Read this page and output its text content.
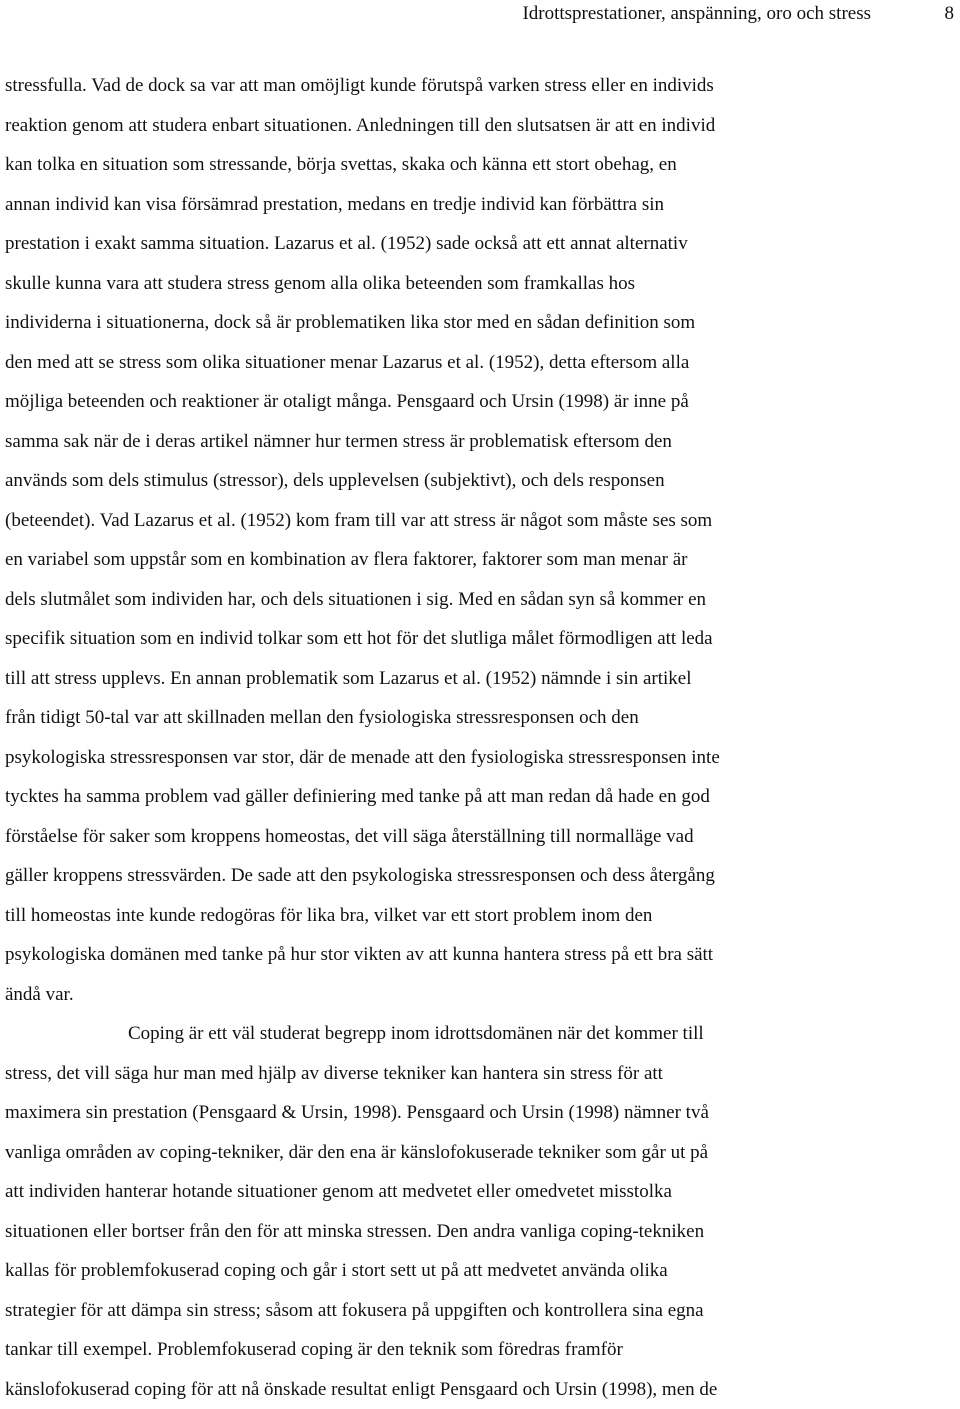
Idrottsprestationer, anspänning, oro och stress	8
stressfulla. Vad de dock sa var att man omöjligt kunde förutspå varken stress eller en individs
reaktion genom att studera enbart situationen. Anledningen till den slutsatsen är att en individ
kan tolka en situation som stressande, börja svettas, skaka och känna ett stort obehag, en
annan individ kan visa försämrad prestation, medans en tredje individ kan förbättra sin
prestation i exakt samma situation. Lazarus et al. (1952) sade också att ett annat alternativ
skulle kunna vara att studera stress genom alla olika beteenden som framkallas hos
individerna i situationerna, dock så är problematiken lika stor med en sådan definition som
den med att se stress som olika situationer menar Lazarus et al. (1952), detta eftersom alla
möjliga beteenden och reaktioner är otaligt många. Pensgaard och Ursin (1998) är inne på
samma sak när de i deras artikel nämner hur termen stress är problematisk eftersom den
används som dels stimulus (stressor), dels upplevelsen (subjektivt), och dels responsen
(beteendet). Vad Lazarus et al. (1952) kom fram till var att stress är något som måste ses som
en variabel som uppstår som en kombination av flera faktorer, faktorer som man menar är
dels slutmålet som individen har, och dels situationen i sig. Med en sådan syn så kommer en
specifik situation som en individ tolkar som ett hot för det slutliga målet förmodligen att leda
till att stress upplevs. En annan problematik som Lazarus et al. (1952) nämnde i sin artikel
från tidigt 50-tal var att skillnaden mellan den fysiologiska stressresponsen och den
psykologiska stressresponsen var stor, där de menade att den fysiologiska stressresponsen inte
tycktes ha samma problem vad gäller definiering med tanke på att man redan då hade en god
förståelse för saker som kroppens homeostas, det vill säga återställning till normalläge vad
gäller kroppens stressvärden. De sade att den psykologiska stressresponsen och dess återgång
till homeostas inte kunde redogöras för lika bra, vilket var ett stort problem inom den
psykologiska domänen med tanke på hur stor vikten av att kunna hantera stress på ett bra sätt
ändå var.
Coping är ett väl studerat begrepp inom idrottsdomänen när det kommer till
stress, det vill säga hur man med hjälp av diverse tekniker kan hantera sin stress för att
maximera sin prestation (Pensgaard & Ursin, 1998). Pensgaard och Ursin (1998) nämner två
vanliga områden av coping-tekniker, där den ena är känslofokuserade tekniker som går ut på
att individen hanterar hotande situationer genom att medvetet eller omedvetet misstolka
situationen eller bortser från den för att minska stressen. Den andra vanliga coping-tekniken
kallas för problemfokuserad coping och går i stort sett ut på att medvetet använda olika
strategier för att dämpa sin stress; såsom att fokusera på uppgiften och kontrollera sina egna
tankar till exempel. Problemfokuserad coping är den teknik som föredras framför
känslofokuserad coping för att nå önskade resultat enligt Pensgaard och Ursin (1998), men de
